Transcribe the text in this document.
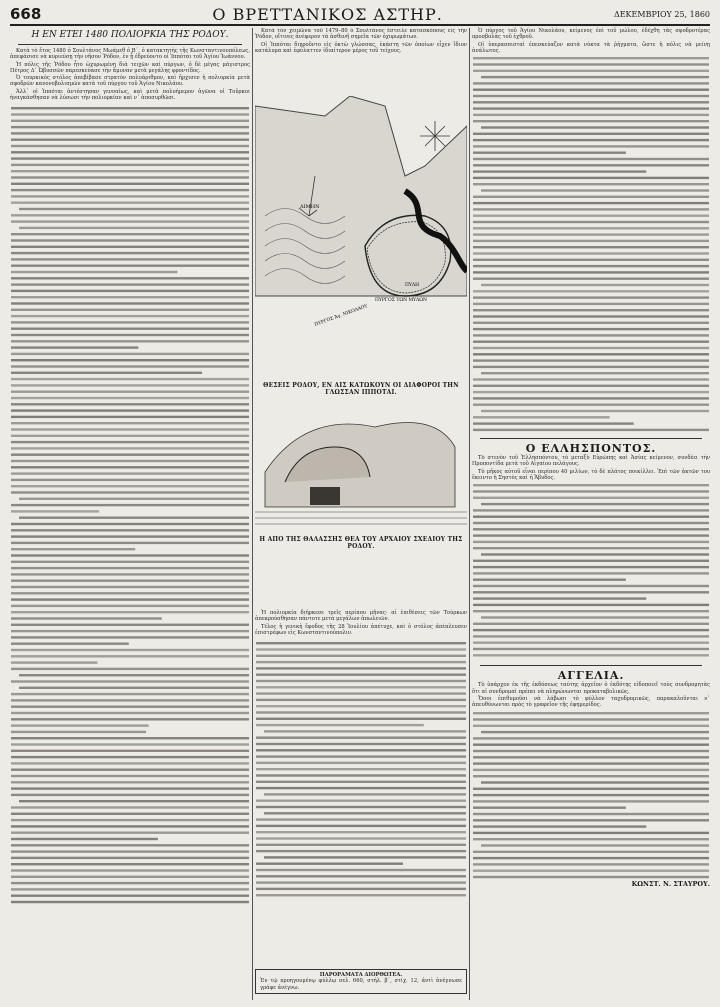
668	Ο ΒΡΕΤΤΑΝΙΚΟΣ ΑΣΤΗΡ.	ΔΕΚΕΜΒΡΙΟΥ 25, 1860
Η ΕΝ ΕΤΕΙ 1480 ΠΟΛΙΟΡΚΙΑ ΤΗΣ ΡΟΔΟΥ.

Κατὰ τὸ ἔτος 1480 ὁ Σουλτάνος Μωάμεθ ὁ Β΄, ὁ κατακτητὴς τῆς Κωνσταντινουπόλεως, ἀπεφάσισε νὰ κυριεύσῃ τὴν νῆσον Ῥόδον, ἐν ᾗ ἐδρεύοντο οἱ Ἱππόται τοῦ Ἁγίου Ἰωάννου.

Ἡ πόλις τῆς Ῥόδου ἦτο ὠχυρωμένη διὰ τειχῶν καὶ πύργων, ὁ δὲ μέγας μάγιστρος Πέτρος Δ᾽ Ὠβυσσῶν παρεσκεύασε τὴν ἄμυναν μετὰ μεγάλης φροντίδος.

Ὁ τουρκικὸς στόλος ἀπεβίβασε στρατὸν πολυάριθμον, καὶ ἤρχισεν ἡ πολιορκία μετὰ σφοδρῶν κανονοβολισμῶν κατὰ τοῦ πύργου τοῦ Ἁγίου Νικολάου.

Ἀλλ᾽ οἱ Ἱππόται ἀντέστησαν γενναίως, καὶ μετὰ πολυήμερον ἀγῶνα οἱ Τοῦρκοι ἠναγκάσθησαν νὰ λύσωσι τὴν πολιορκίαν καὶ ν᾽ ἀποσυρθῶσι.

Κατὰ τὸν χειμῶνα τοῦ 1479–80 ὁ Σουλτάνος ἔστειλε κατασκόπους εἰς τὴν Ῥόδον, οἵτινες ἀνέφερον τὰ ἀσθενῆ σημεῖα τῶν ὀχυρωμάτων.

Οἱ Ἱππόται διῃροῦντο εἰς ὀκτὼ γλώσσας, ἑκάστη τῶν ὁποίων εἶχεν ἴδιον κατάλυμα καὶ ἐφύλαττεν ἰδιαίτερον μέρος τοῦ τείχους.

ΛΙΜΗΝ
ΠΥΡΓΟΣ Ἁγ. ΝΙΚΟΛΑΟΥ
ΠΥΛΗ
ΠΥΡΓΟΣ ΤΩΝ ΜΥΛΩΝ
ΘΕΣΕΙΣ ΡΟΔΟΥ, ΕΝ ΑΙΣ ΚΑΤΩΚΟΥΝ ΟΙ ΔΙΑΦΟΡΟΙ ΤΗΝ ΓΛΩΣΣΑΝ ΙΠΠΟΤΑΙ.
Η ΑΠΟ ΤΗΣ ΘΑΛΑΣΣΗΣ ΘΕΑ ΤΟΥ ΑΡΧΑΙΟΥ ΣΧΕΔΙΟΥ ΤΗΣ ΡΟΔΟΥ.

Ἡ πολιορκία διήρκεσε τρεῖς περίπου μῆνας· αἱ ἐπιθέσεις τῶν Τούρκων ἀπεκρούσθησαν πάντοτε μετὰ μεγάλων ἀπωλειῶν.

Τέλος ἡ γενικὴ ἔφοδος τῆς 28 Ἰουλίου ἀπέτυχε, καὶ ὁ στόλος ἀπέπλευσεν ἐπιστρέφων εἰς Κωνσταντινούπολιν.

ΠΑΡΟΡΑΜΑΤΑ ΔΙΟΡΘΩΤΕΑ.
Ἐν τῷ προηγουμένῳ φύλλῳ σελ. 660, στήλ. β΄, στίχ. 12, ἀντὶ ἀνέγνωσε γράφε ἀνέγνω.

Ὁ πύργος τοῦ Ἁγίου Νικολάου, κείμενος ἐπὶ τοῦ μώλου, ἐδέχθη τὰς σφοδροτέρας προσβολὰς τοῦ ἐχθροῦ.

Οἱ ὑπερασπισταὶ ἐπεσκεύαζον κατὰ νύκτα τὰ ῥήγματα, ὥστε ἡ πόλις νὰ μείνῃ ἀνάλωτος.

Ο ΕΛΛΗΣΠΟΝΤΟΣ.

Τὸ στενὸν τοῦ Ἑλλησπόντου, τὸ μεταξὺ Εὐρώπης καὶ Ἀσίας κείμενον, συνδέει τὴν Προποντίδα μετὰ τοῦ Αἰγαίου πελάγους.

Τὸ μῆκος αὐτοῦ εἶναι περίπου 40 μιλίων, τὸ δὲ πλάτος ποικίλλει. Ἐπὶ τῶν ἀκτῶν του ἔκειντο ἡ Σηστὸς καὶ ἡ Ἄβυδος.

ΑΓΓΕΛΙΑ.

Τὸ ὑπάρχον ἐκ τῆς ἐκδόσεως ταύτης ἀρχεῖον ὁ ἐκδότης εἰδοποιεῖ τοὺς συνδρομητὰς ὅτι αἱ συνδρομαὶ πρέπει νὰ πληρώνωνται προκαταβολικῶς.

Ὅσοι ἐπιθυμοῦσι νὰ λάβωσι τὸ φύλλον ταχυδρομικῶς, παρακαλοῦνται ν᾽ ἀπευθύνωνται πρὸς τὸ γραφεῖον τῆς ἐφημερίδος.

ΚΩΝΣΤ. Ν. ΣΤΑΥΡΟΥ.
